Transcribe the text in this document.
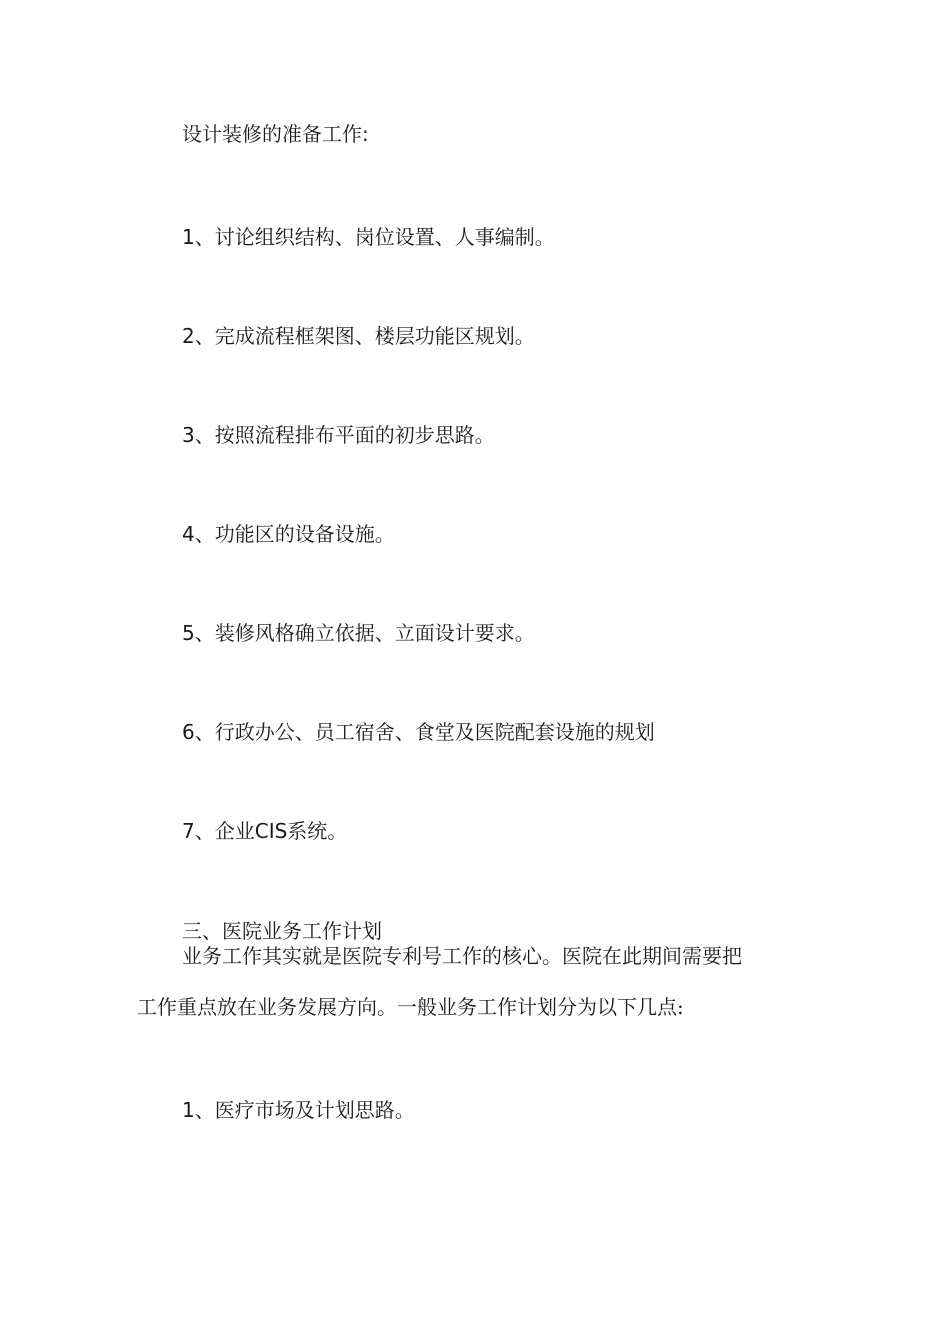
设计装修的准备工作:
1、讨论组织结构、岗位设置、人事编制。
2、完成流程框架图、楼层功能区规划。
3、按照流程排布平面的初步思路。
4、功能区的设备设施。
5、装修风格确立依据、立面设计要求。
6、行政办公、员工宿舍、食堂及医院配套设施的规划
7、企业CIS系统。
三、医院业务工作计划
业务工作其实就是医院专利号工作的核心。医院在此期间需要把
工作重点放在业务发展方向。一般业务工作计划分为以下几点:
1、医疗市场及计划思路。
